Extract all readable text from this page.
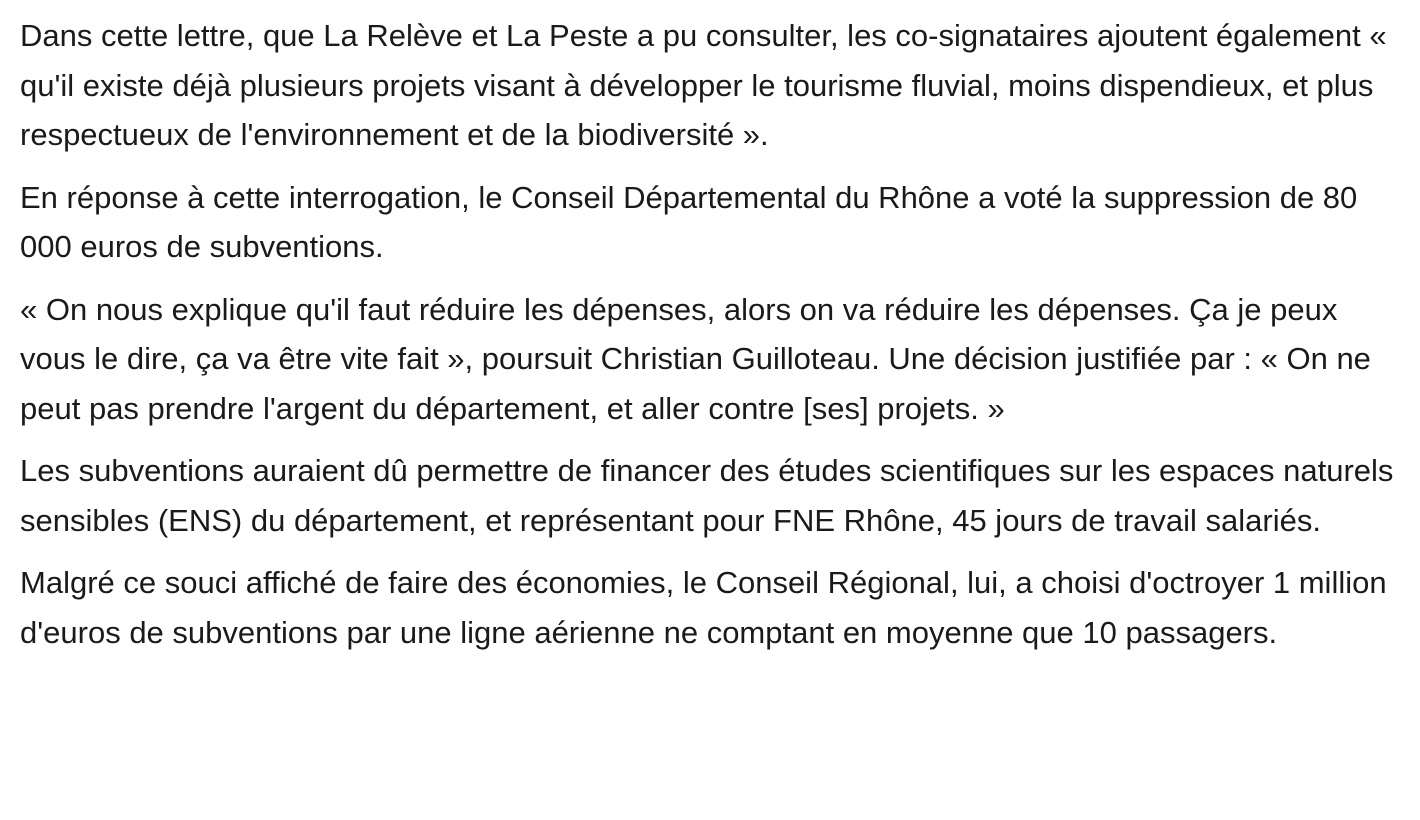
Dans cette lettre, que La Relève et La Peste a pu consulter, les co-signataires ajoutent également « qu'il existe déjà plusieurs projets visant à développer le tourisme fluvial, moins dispendieux, et plus respectueux de l'environnement et de la biodiversité ».

En réponse à cette interrogation, le Conseil Départemental du Rhône a voté la suppression de 80 000 euros de subventions.

« On nous explique qu'il faut réduire les dépenses, alors on va réduire les dépenses. Ça je peux vous le dire, ça va être vite fait », poursuit Christian Guilloteau. Une décision justifiée par : « On ne peut pas prendre l'argent du département, et aller contre [ses] projets. »

Les subventions auraient dû permettre de financer des études scientifiques sur les espaces naturels sensibles (ENS) du département, et représentant pour FNE Rhône, 45 jours de travail salariés.

Malgré ce souci affiché de faire des économies, le Conseil Régional, lui, a choisi d'octroyer 1 million d'euros de subventions par une ligne aérienne ne comptant en moyenne que 10 passagers.
